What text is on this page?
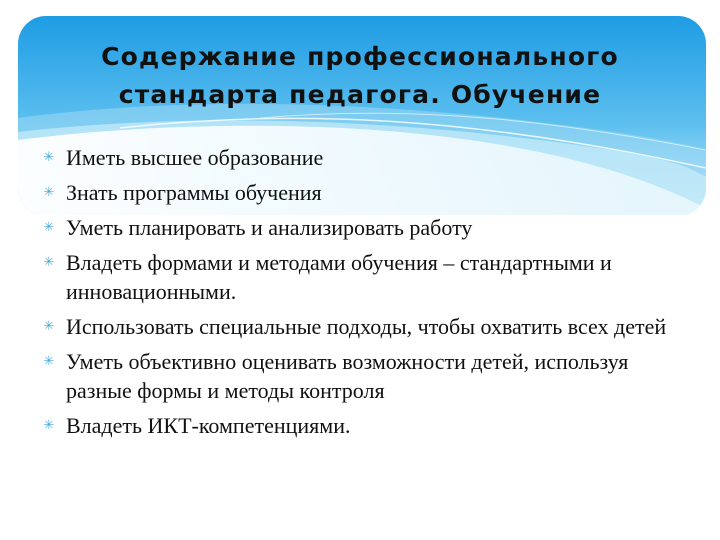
Содержание профессионального
стандарта педагога. Обучение
✳ Иметь высшее образование
✳ Знать программы обучения
✳ Уметь планировать и анализировать работу
✳ Владеть формами и методами обучения – стандартными и инновационными.
✳ Использовать специальные подходы, чтобы охватить всех детей
✳ Уметь объективно оценивать возможности детей, используя разные формы и методы контроля
✳ Владеть ИКТ-компетенциями.
